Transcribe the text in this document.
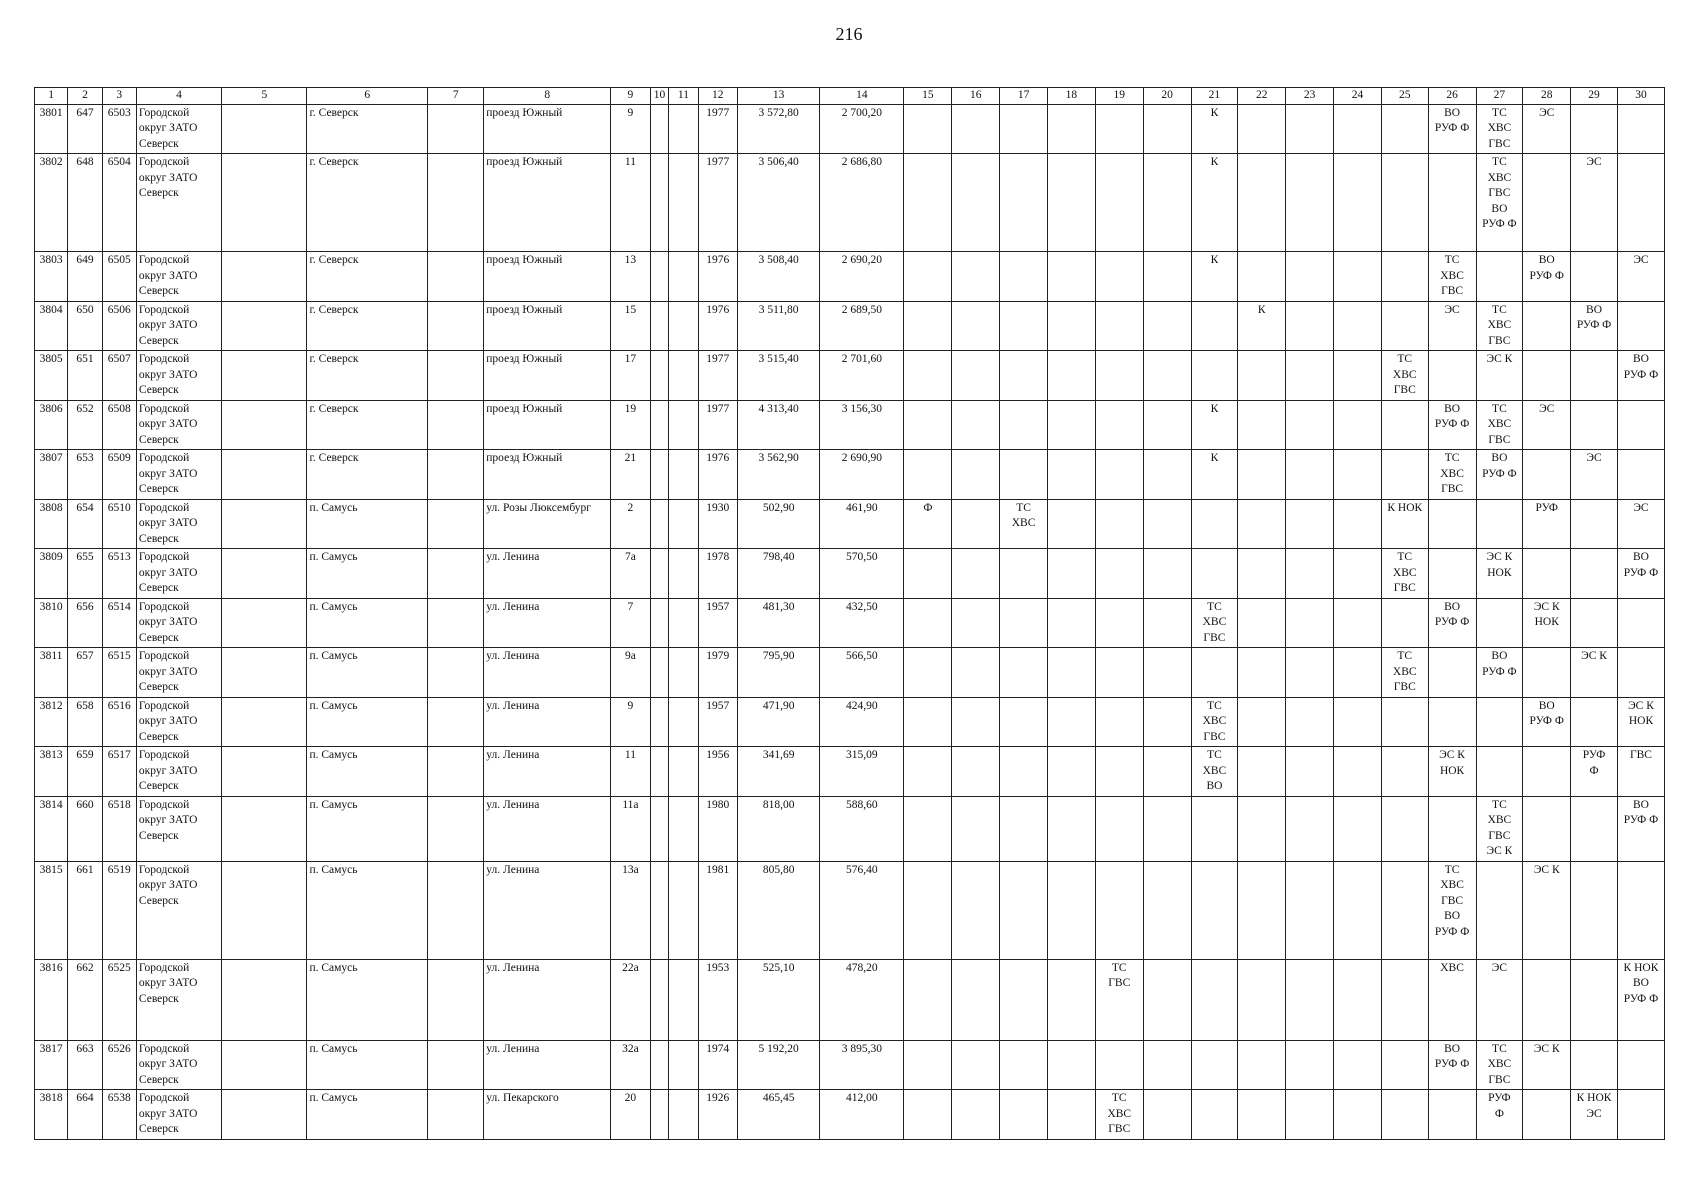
216
1	2	3	4	5	6	7	8	9	10	11	12	13	14	15	16	17	18	19	20	21	22	23	24	25	26	27	28	29	30
3801	647	6503	Городской
округ ЗАТО
Северск		г. Северск		проезд Южный	9			1977	3 572,80	2 700,20							К					ВО
РУФ Ф	ТС
ХВС
ГВС	ЭС		
3802	648	6504	Городской
округ ЗАТО
Северск		г. Северск		проезд Южный	11			1977	3 506,40	2 686,80							К						ТС
ХВС
ГВС
ВО
РУФ Ф		ЭС	
3803	649	6505	Городской
округ ЗАТО
Северск		г. Северск		проезд Южный	13			1976	3 508,40	2 690,20							К					ТС
ХВС
ГВС		ВО
РУФ Ф		ЭС
3804	650	6506	Городской
округ ЗАТО
Северск		г. Северск		проезд Южный	15			1976	3 511,80	2 689,50								К				ЭС	ТС
ХВС
ГВС		ВО
РУФ Ф	
3805	651	6507	Городской
округ ЗАТО
Северск		г. Северск		проезд Южный	17			1977	3 515,40	2 701,60											ТС
ХВС
ГВС		ЭС К			ВО
РУФ Ф
3806	652	6508	Городской
округ ЗАТО
Северск		г. Северск		проезд Южный	19			1977	4 313,40	3 156,30							К					ВО
РУФ Ф	ТС
ХВС
ГВС	ЭС		
3807	653	6509	Городской
округ ЗАТО
Северск		г. Северск		проезд Южный	21			1976	3 562,90	2 690,90							К					ТС
ХВС
ГВС	ВО
РУФ Ф		ЭС	
3808	654	6510	Городской
округ ЗАТО
Северск		п. Самусь		ул. Розы Люксембург	2			1930	502,90	461,90	Ф		ТС
ХВС								К НОК			РУФ		ЭС
3809	655	6513	Городской
округ ЗАТО
Северск		п. Самусь		ул. Ленина	7а			1978	798,40	570,50											ТС
ХВС
ГВС		ЭС К
НОК			ВО
РУФ Ф
3810	656	6514	Городской
округ ЗАТО
Северск		п. Самусь		ул. Ленина	7			1957	481,30	432,50							ТС
ХВС
ГВС					ВО
РУФ Ф		ЭС К
НОК		
3811	657	6515	Городской
округ ЗАТО
Северск		п. Самусь		ул. Ленина	9а			1979	795,90	566,50											ТС
ХВС
ГВС		ВО
РУФ Ф		ЭС К	
3812	658	6516	Городской
округ ЗАТО
Северск		п. Самусь		ул. Ленина	9			1957	471,90	424,90							ТС
ХВС
ГВС							ВО
РУФ Ф		ЭС К
НОК
3813	659	6517	Городской
округ ЗАТО
Северск		п. Самусь		ул. Ленина	11			1956	341,69	315,09							ТС
ХВС
ВО					ЭС К
НОК			РУФ
Ф	ГВС
3814	660	6518	Городской
округ ЗАТО
Северск		п. Самусь		ул. Ленина	11а			1980	818,00	588,60													ТС
ХВС
ГВС
ЭС К			ВО
РУФ Ф
3815	661	6519	Городской
округ ЗАТО
Северск		п. Самусь		ул. Ленина	13а			1981	805,80	576,40												ТС
ХВС
ГВС
ВО
РУФ Ф		ЭС К		
3816	662	6525	Городской
округ ЗАТО
Северск		п. Самусь		ул. Ленина	22а			1953	525,10	478,20					ТС
ГВС							ХВС	ЭС			К НОК
ВО
РУФ Ф
3817	663	6526	Городской
округ ЗАТО
Северск		п. Самусь		ул. Ленина	32а			1974	5 192,20	3 895,30												ВО
РУФ Ф	ТС
ХВС
ГВС	ЭС К		
3818	664	6538	Городской
округ ЗАТО
Северск		п. Самусь		ул. Пекарского	20			1926	465,45	412,00					ТС
ХВС
ГВС								РУФ
Ф		К НОК
ЭС	
